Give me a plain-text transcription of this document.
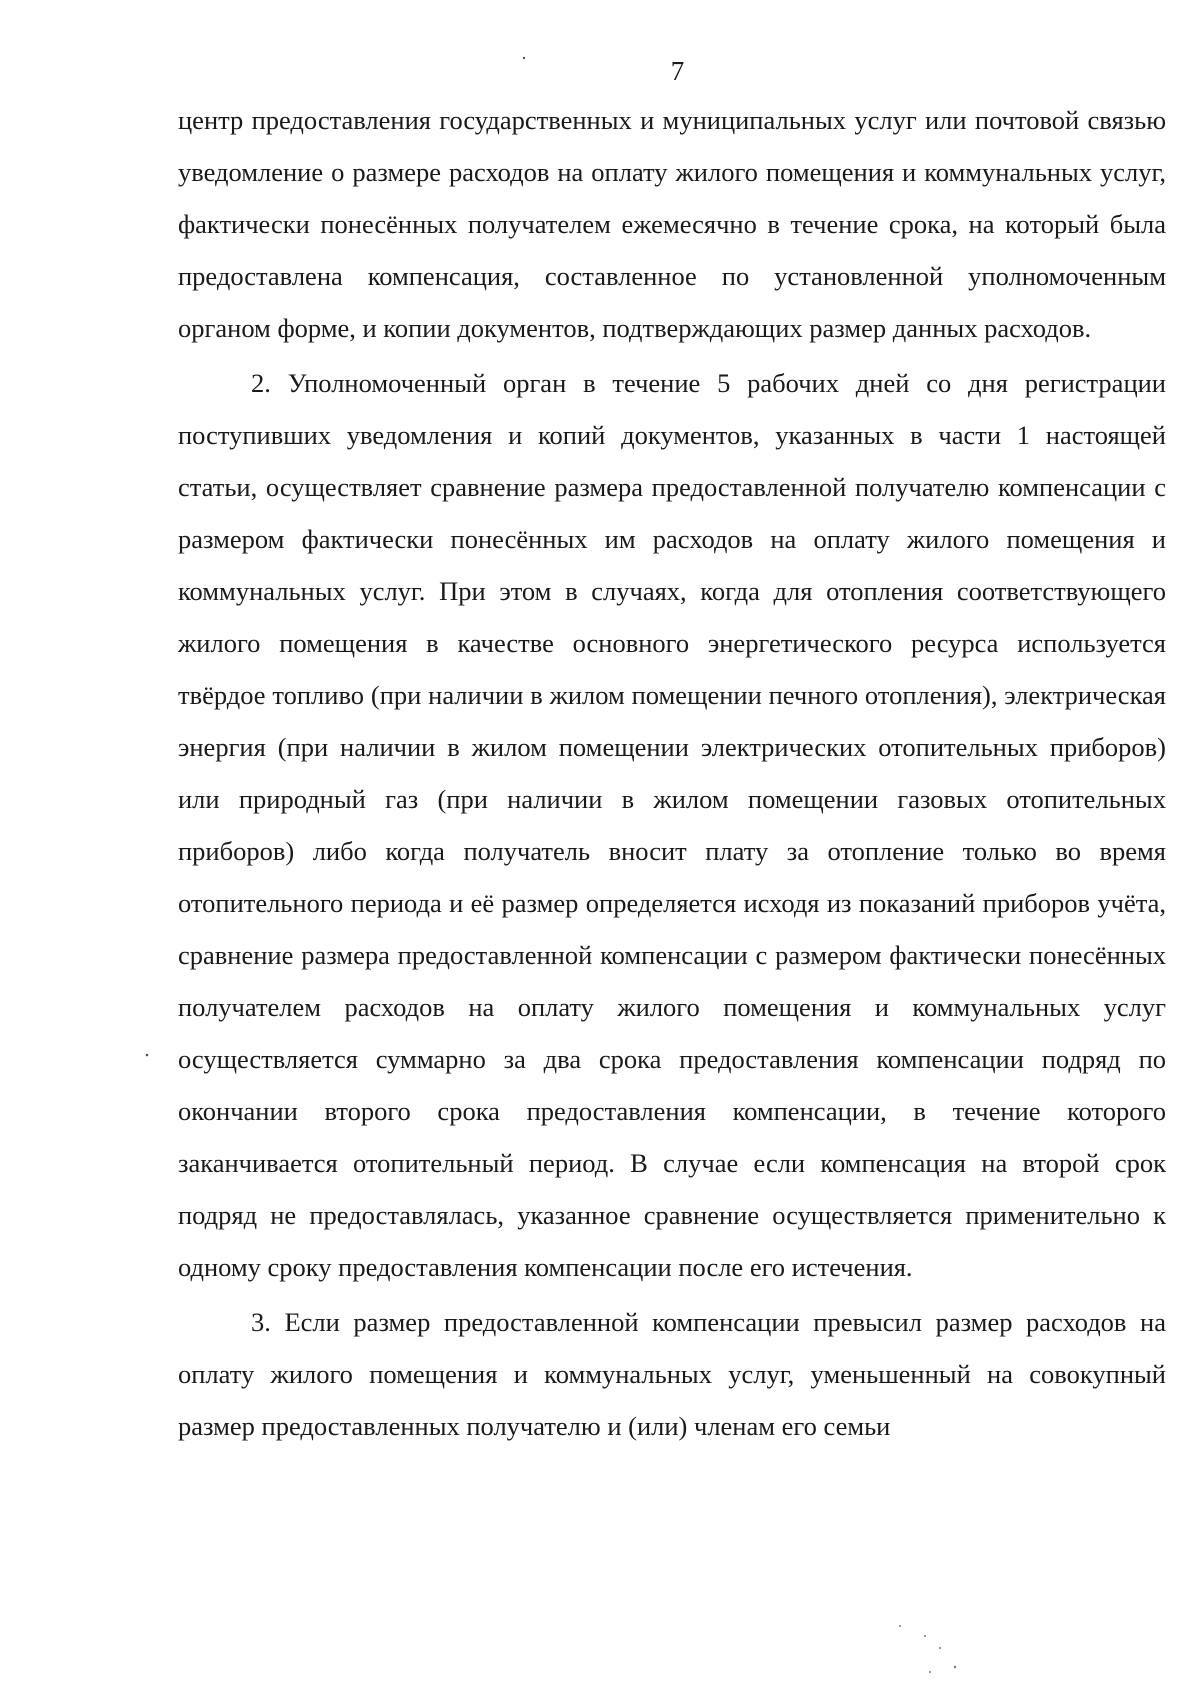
7

центр предоставления государственных и муниципальных услуг или почтовой связью уведомление о размере расходов на оплату жилого помещения и коммунальных услуг, фактически понесённых получателем ежемесячно в течение срока, на который была предоставлена компенсация, составленное по установленной уполномоченным органом форме, и копии документов, подтверждающих размер данных расходов.

2. Уполномоченный орган в течение 5 рабочих дней со дня регистрации поступивших уведомления и копий документов, указанных в части 1 настоящей статьи, осуществляет сравнение размера предоставленной получателю компенсации с размером фактически понесённых им расходов на оплату жилого помещения и коммунальных услуг. При этом в случаях, когда для отопления соответствующего жилого помещения в качестве основного энергетического ресурса используется твёрдое топливо (при наличии в жилом помещении печного отопления), электрическая энергия (при наличии в жилом помещении электрических отопительных приборов) или природный газ (при наличии в жилом помещении газовых отопительных приборов) либо когда получатель вносит плату за отопление только во время отопительного периода и её размер определяется исходя из показаний приборов учёта, сравнение размера предоставленной компенсации с размером фактически понесённых получателем расходов на оплату жилого помещения и коммунальных услуг осуществляется суммарно за два срока предоставления компенсации подряд по окончании второго срока предоставления компенсации, в течение которого заканчивается отопительный период. В случае если компенсация на второй срок подряд не предоставлялась, указанное сравнение осуществляется применительно к одному сроку предоставления компенсации после его истечения.

3. Если размер предоставленной компенсации превысил размер расходов на оплату жилого помещения и коммунальных услуг, уменьшенный на совокупный размер предоставленных получателю и (или) членам его семьи
